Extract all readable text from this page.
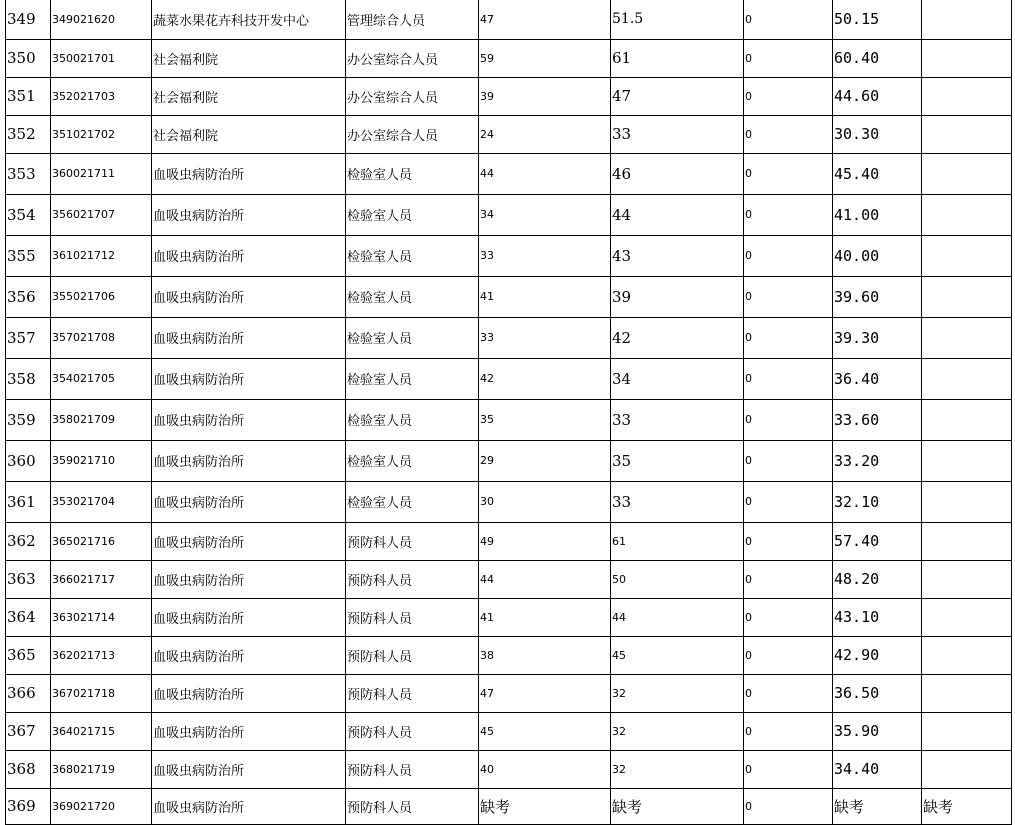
349	349021620	蔬菜水果花卉科技开发中心	管理综合人员	47	51.5	0	50.15	
350	350021701	社会福利院	办公室综合人员	59	61	0	60.40	
351	352021703	社会福利院	办公室综合人员	39	47	0	44.60	
352	351021702	社会福利院	办公室综合人员	24	33	0	30.30	
353	360021711	血吸虫病防治所	检验室人员	44	46	0	45.40	
354	356021707	血吸虫病防治所	检验室人员	34	44	0	41.00	
355	361021712	血吸虫病防治所	检验室人员	33	43	0	40.00	
356	355021706	血吸虫病防治所	检验室人员	41	39	0	39.60	
357	357021708	血吸虫病防治所	检验室人员	33	42	0	39.30	
358	354021705	血吸虫病防治所	检验室人员	42	34	0	36.40	
359	358021709	血吸虫病防治所	检验室人员	35	33	0	33.60	
360	359021710	血吸虫病防治所	检验室人员	29	35	0	33.20	
361	353021704	血吸虫病防治所	检验室人员	30	33	0	32.10	
362	365021716	血吸虫病防治所	预防科人员	49	61	0	57.40	
363	366021717	血吸虫病防治所	预防科人员	44	50	0	48.20	
364	363021714	血吸虫病防治所	预防科人员	41	44	0	43.10	
365	362021713	血吸虫病防治所	预防科人员	38	45	0	42.90	
366	367021718	血吸虫病防治所	预防科人员	47	32	0	36.50	
367	364021715	血吸虫病防治所	预防科人员	45	32	0	35.90	
368	368021719	血吸虫病防治所	预防科人员	40	32	0	34.40	
369	369021720	血吸虫病防治所	预防科人员	缺考	缺考	0	缺考	缺考
